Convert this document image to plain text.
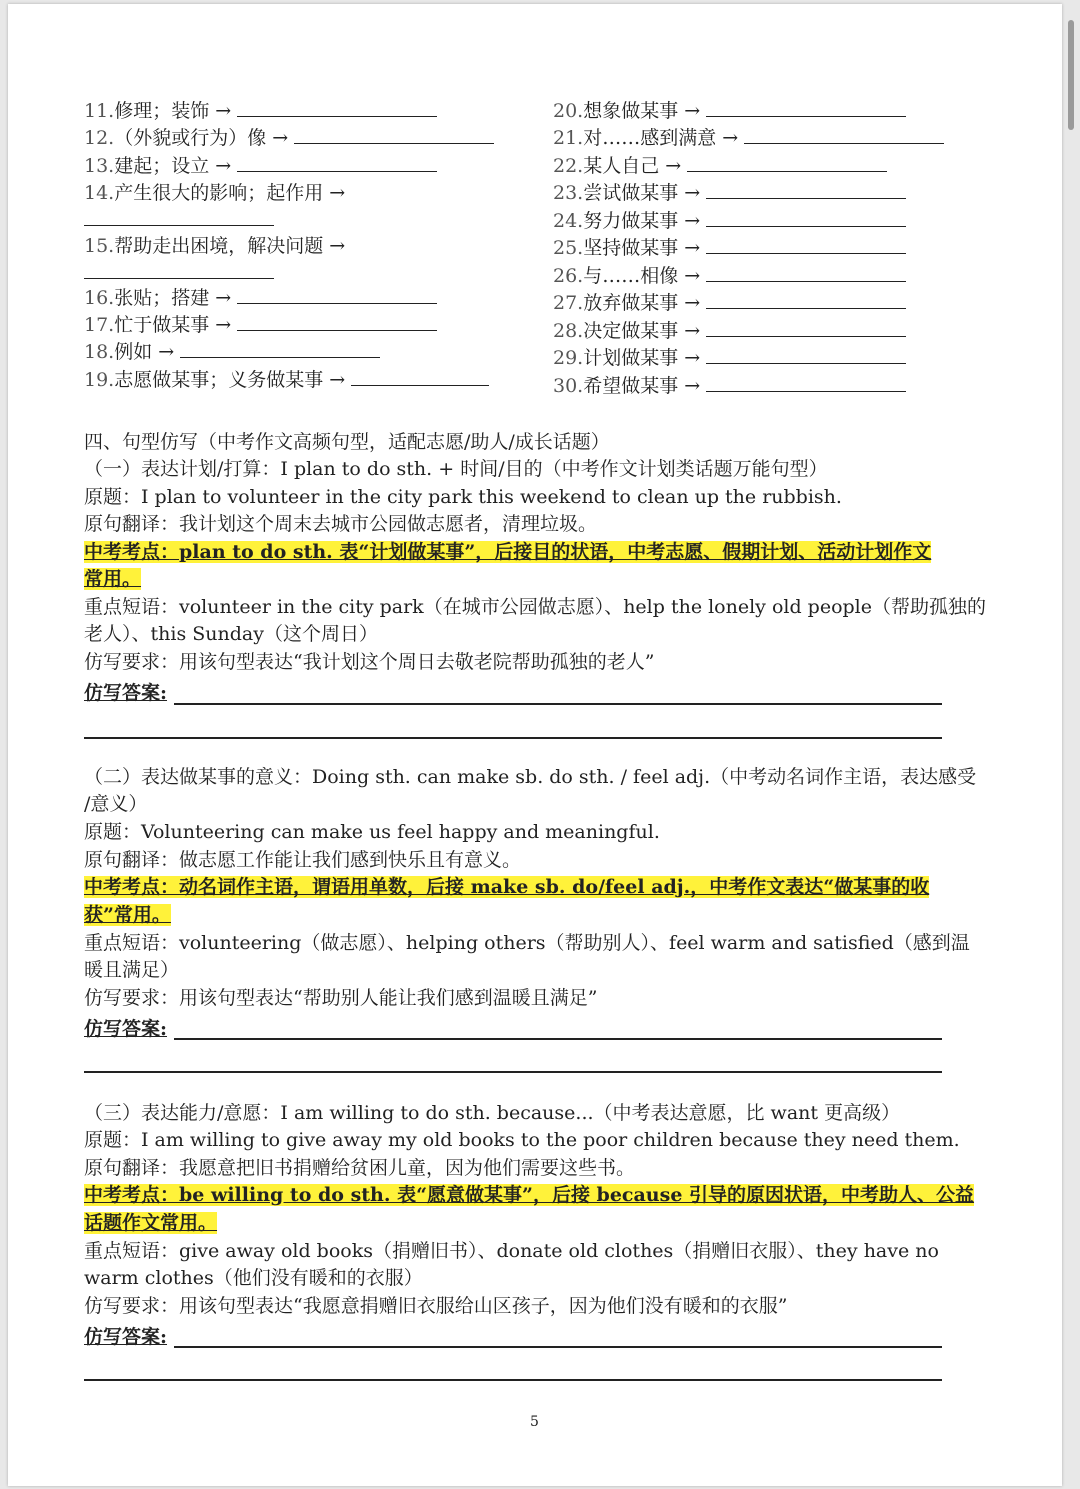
11.修理；装饰 →
12.（外貌或行为）像 →
13.建起；设立 →
14.产生很大的影响；起作用 →
15.帮助走出困境，解决问题 →
16.张贴；搭建 →
17.忙于做某事 →
18.例如 →
19.志愿做某事；义务做某事 →
20.想象做某事 →
21.对……感到满意 →
22.某人自己 →
23.尝试做某事 →
24.努力做某事 →
25.坚持做某事 →
26.与……相像 →
27.放弃做某事 →
28.决定做某事 →
29.计划做某事 →
30.希望做某事 →
四、句型仿写（中考作文高频句型，适配志愿/助人/成长话题）
（一）表达计划/打算：I plan to do sth. + 时间/目的（中考作文计划类话题万能句型）
原题：I plan to volunteer in the city park this weekend to clean up the rubbish.
原句翻译：我计划这个周末去城市公园做志愿者，清理垃圾。
中考考点：plan to do sth. 表“计划做某事”，后接目的状语，中考志愿、假期计划、活动计划作文
常用。
重点短语：volunteer in the city park（在城市公园做志愿）、help the lonely old people（帮助孤独的
老人）、this Sunday（这个周日）
仿写要求：用该句型表达“我计划这个周日去敬老院帮助孤独的老人”
仿写答案:
（二）表达做某事的意义：Doing sth. can make sb. do sth. / feel adj.（中考动名词作主语，表达感受
/意义）
原题：Volunteering can make us feel happy and meaningful.
原句翻译：做志愿工作能让我们感到快乐且有意义。
中考考点：动名词作主语，谓语用单数，后接 make sb. do/feel adj.，中考作文表达“做某事的收
获”常用。
重点短语：volunteering（做志愿）、helping others（帮助别人）、feel warm and satisfied（感到温
暖且满足）
仿写要求：用该句型表达“帮助别人能让我们感到温暖且满足”
仿写答案:
（三）表达能力/意愿：I am willing to do sth. because...（中考表达意愿，比 want 更高级）
原题：I am willing to give away my old books to the poor children because they need them.
原句翻译：我愿意把旧书捐赠给贫困儿童，因为他们需要这些书。
中考考点：be willing to do sth. 表“愿意做某事”，后接 because 引导的原因状语，中考助人、公益
话题作文常用。
重点短语：give away old books（捐赠旧书）、donate old clothes（捐赠旧衣服）、they have no
warm clothes（他们没有暖和的衣服）
仿写要求：用该句型表达“我愿意捐赠旧衣服给山区孩子，因为他们没有暖和的衣服”
仿写答案:
5
